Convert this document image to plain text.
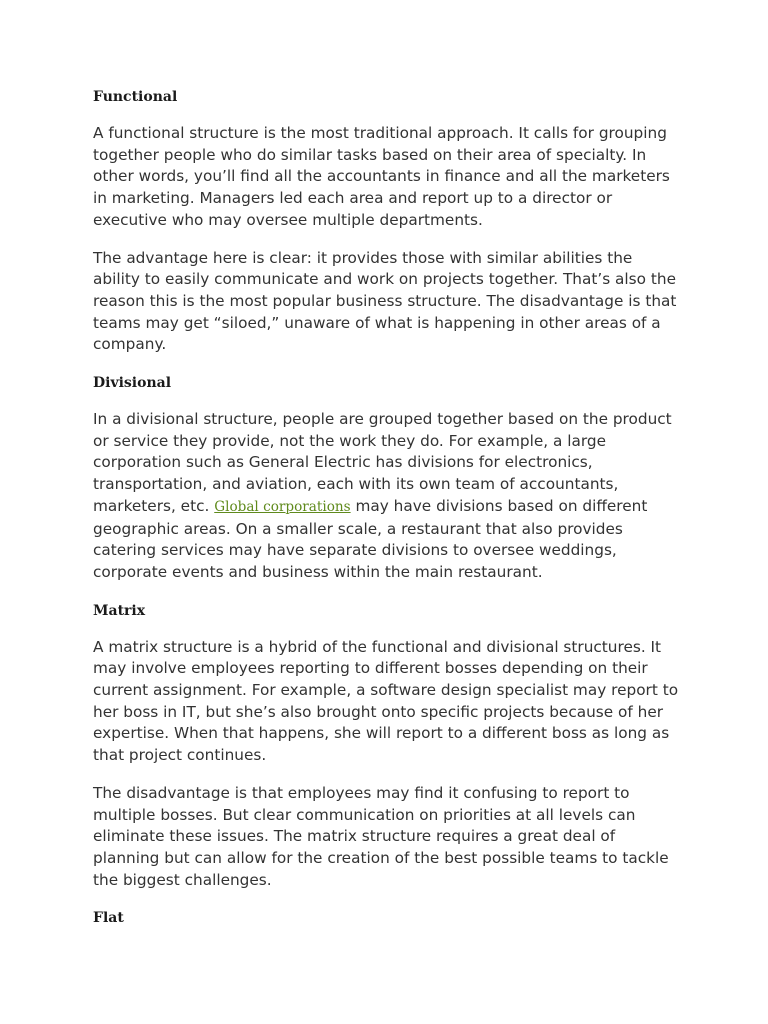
Functional

A functional structure is the most traditional approach. It calls for grouping together people who do similar tasks based on their area of specialty. In other words, you’ll find all the accountants in finance and all the marketers in marketing. Managers led each area and report up to a director or executive who may oversee multiple departments.

The advantage here is clear: it provides those with similar abilities the ability to easily communicate and work on projects together. That’s also the reason this is the most popular business structure. The disadvantage is that teams may get “siloed,” unaware of what is happening in other areas of a company.

Divisional

In a divisional structure, people are grouped together based on the product or service they provide, not the work they do. For example, a large corporation such as General Electric has divisions for electronics, transportation, and aviation, each with its own team of accountants, marketers, etc. Global corporations may have divisions based on different geographic areas. On a smaller scale, a restaurant that also provides catering services may have separate divisions to oversee weddings, corporate events and business within the main restaurant.

Matrix

A matrix structure is a hybrid of the functional and divisional structures. It may involve employees reporting to different bosses depending on their current assignment. For example, a software design specialist may report to her boss in IT, but she’s also brought onto specific projects because of her expertise. When that happens, she will report to a different boss as long as that project continues.

The disadvantage is that employees may find it confusing to report to multiple bosses. But clear communication on priorities at all levels can eliminate these issues. The matrix structure requires a great deal of planning but can allow for the creation of the best possible teams to tackle the biggest challenges.

Flat
